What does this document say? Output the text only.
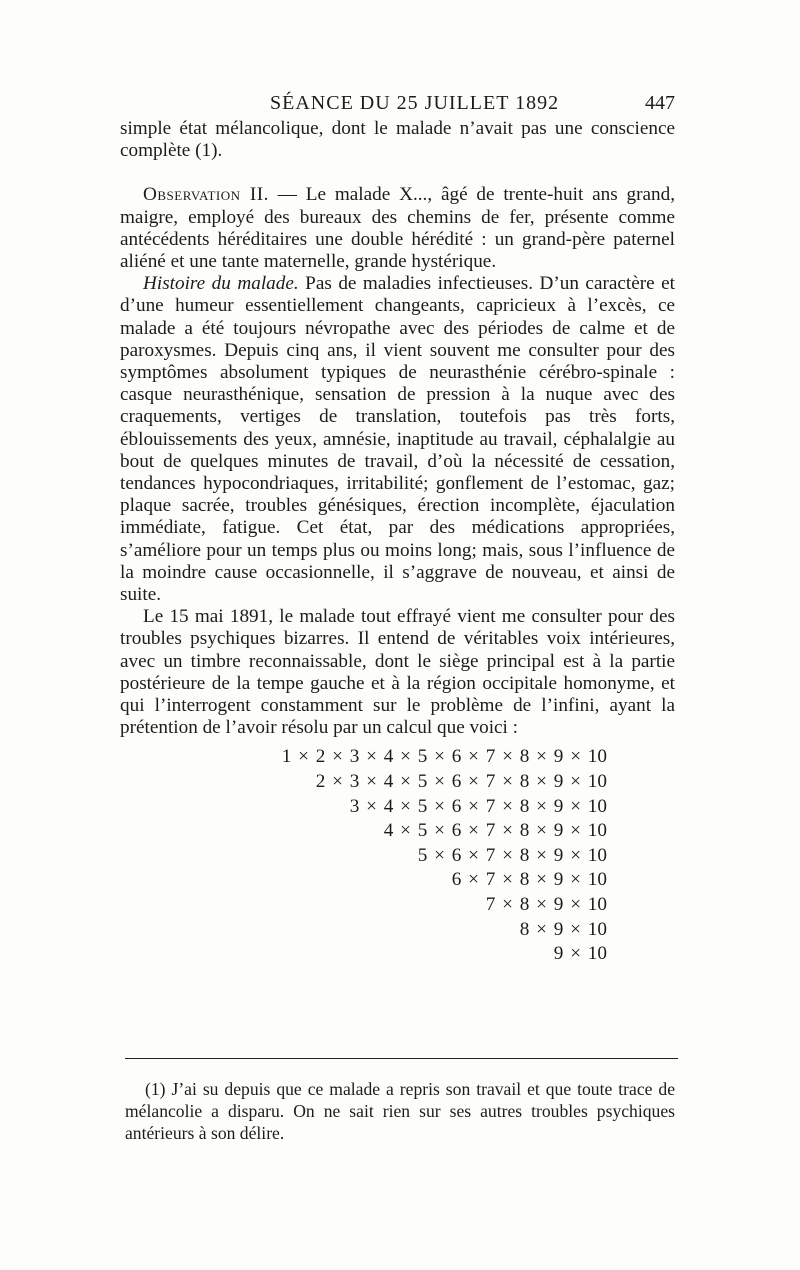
SÉANCE DU 25 JUILLET 1892	447

simple état mélancolique, dont le malade n’avait pas une conscience complète (1).

Observation II. — Le malade X..., âgé de trente-huit ans grand, maigre, employé des bureaux des chemins de fer, présente comme antécédents héréditaires une double hérédité : un grand-père paternel aliéné et une tante maternelle, grande hystérique.

Histoire du malade. Pas de maladies infectieuses. D’un caractère et d’une humeur essentiellement changeants, capricieux à l’excès, ce malade a été toujours névropathe avec des périodes de calme et de paroxysmes. Depuis cinq ans, il vient souvent me consulter pour des symptômes absolument typiques de neurasthénie cérébro-spinale : casque neurasthénique, sensation de pression à la nuque avec des craquements, vertiges de translation, toutefois pas très forts, éblouissements des yeux, amnésie, inaptitude au travail, céphalalgie au bout de quelques minutes de travail, d’où la nécessité de cessation, tendances hypocondriaques, irritabilité; gonflement de l’estomac, gaz; plaque sacrée, troubles génésiques, érection incomplète, éjaculation immédiate, fatigue. Cet état, par des médications appropriées, s’améliore pour un temps plus ou moins long; mais, sous l’influence de la moindre cause occasionnelle, il s’aggrave de nouveau, et ainsi de suite.

Le 15 mai 1891, le malade tout effrayé vient me consulter pour des troubles psychiques bizarres. Il entend de véritables voix intérieures, avec un timbre reconnaissable, dont le siège principal est à la partie postérieure de la tempe gauche et à la région occipitale homonyme, et qui l’interrogent constamment sur le problème de l’infini, ayant la prétention de l’avoir résolu par un calcul que voici :

1 × 2 × 3 × 4 × 5 × 6 × 7 × 8 × 9 × 10
2 × 3 × 4 × 5 × 6 × 7 × 8 × 9 × 10
3 × 4 × 5 × 6 × 7 × 8 × 9 × 10
4 × 5 × 6 × 7 × 8 × 9 × 10
5 × 6 × 7 × 8 × 9 × 10
6 × 7 × 8 × 9 × 10
7 × 8 × 9 × 10
8 × 9 × 10
9 × 10

(1) J’ai su depuis que ce malade a repris son travail et que toute trace de mélancolie a disparu. On ne sait rien sur ses autres troubles psychiques antérieurs à son délire.
